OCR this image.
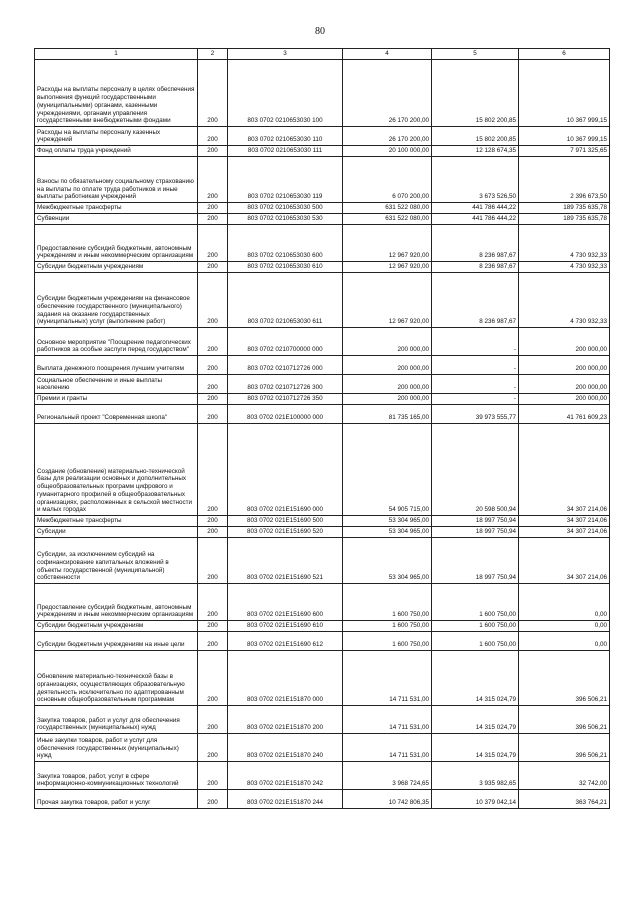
80
1	2	3	4	5	6
Расходы на выплаты персоналу в целях обеспечения выполнения функций государственными (муниципальными) органами, казенными учреждениями, органами управления государственными внебюджетными фондами	200	803 0702 0210653030 100	26 170 200,00	15 802 200,85	10 367 999,15
Расходы на выплаты персоналу казенных учреждений	200	803 0702 0210653030 110	26 170 200,00	15 802 200,85	10 367 999,15
Фонд оплаты труда учреждений	200	803 0702 0210653030 111	20 100 000,00	12 128 674,35	7 971 325,65
Взносы по обязательному социальному страхованию на выплаты по оплате труда работников и иные выплаты работникам учреждений	200	803 0702 0210653030 119	6 070 200,00	3 673 526,50	2 396 673,50
Межбюджетные трансферты	200	803 0702 0210653030 500	631 522 080,00	441 786 444,22	189 735 635,78
Субвенции	200	803 0702 0210653030 530	631 522 080,00	441 786 444,22	189 735 635,78
Предоставление субсидий бюджетным, автономным учреждениям и иным некоммерческим организациям	200	803 0702 0210653030 600	12 967 920,00	8 236 987,67	4 730 932,33
Субсидии бюджетным учреждениям	200	803 0702 0210653030 610	12 967 920,00	8 236 987,67	4 730 932,33
Субсидии бюджетным учреждениям на финансовое обеспечение государственного (муниципального) задания на оказание государственных (муниципальных) услуг (выполнение работ)	200	803 0702 0210653030 611	12 967 920,00	8 236 987,67	4 730 932,33
Основное мероприятие "Поощрение педагогических работников за особые заслуги перед государством"	200	803 0702 0210700000 000	200 000,00	-	200 000,00
Выплата денежного поощрения лучшим учителям	200	803 0702 0210712726 000	200 000,00	-	200 000,00
Социальное обеспечение и иные выплаты населению	200	803 0702 0210712726 300	200 000,00	-	200 000,00
Премии и гранты	200	803 0702 0210712726 350	200 000,00	-	200 000,00
Региональный проект "Современная школа"	200	803 0702 021E100000 000	81 735 165,00	39 973 555,77	41 761 609,23
Создание (обновление) материально-технической базы для реализации основных и дополнительных общеобразовательных программ цифрового и гуманитарного профилей в общеобразовательных организациях, расположенных в сельской местности и малых городах	200	803 0702 021E151690 000	54 905 715,00	20 598 500,94	34 307 214,06
Межбюджетные трансферты	200	803 0702 021E151690 500	53 304 965,00	18 997 750,94	34 307 214,06
Субсидии	200	803 0702 021E151690 520	53 304 965,00	18 997 750,94	34 307 214,06
Субсидии, за исключением субсидий на софинансирование капитальных вложений в объекты государственной (муниципальной) собственности	200	803 0702 021E151690 521	53 304 965,00	18 997 750,94	34 307 214,06
Предоставление субсидий бюджетным, автономным учреждениям и иным некоммерческим организациям	200	803 0702 021E151690 600	1 600 750,00	1 600 750,00	0,00
Субсидии бюджетным учреждениям	200	803 0702 021E151690 610	1 600 750,00	1 600 750,00	0,00
Субсидии бюджетным учреждениям на иные цели	200	803 0702 021E151690 612	1 600 750,00	1 600 750,00	0,00
Обновление материально-технической базы в организациях, осуществляющих образовательную деятельность исключительно по адаптированным основным общеобразовательным программам	200	803 0702 021E151870 000	14 711 531,00	14 315 024,79	396 506,21
Закупка товаров, работ и услуг для обеспечения государственных (муниципальных) нужд	200	803 0702 021E151870 200	14 711 531,00	14 315 024,79	396 506,21
Иные закупки товаров, работ и услуг для обеспечения государственных (муниципальных) нужд	200	803 0702 021E151870 240	14 711 531,00	14 315 024,79	396 506,21
Закупка товаров, работ, услуг в сфере информационно-коммуникационных технологий	200	803 0702 021E151870 242	3 968 724,65	3 935 982,65	32 742,00
Прочая закупка товаров, работ и услуг	200	803 0702 021E151870 244	10 742 806,35	10 379 042,14	363 764,21
